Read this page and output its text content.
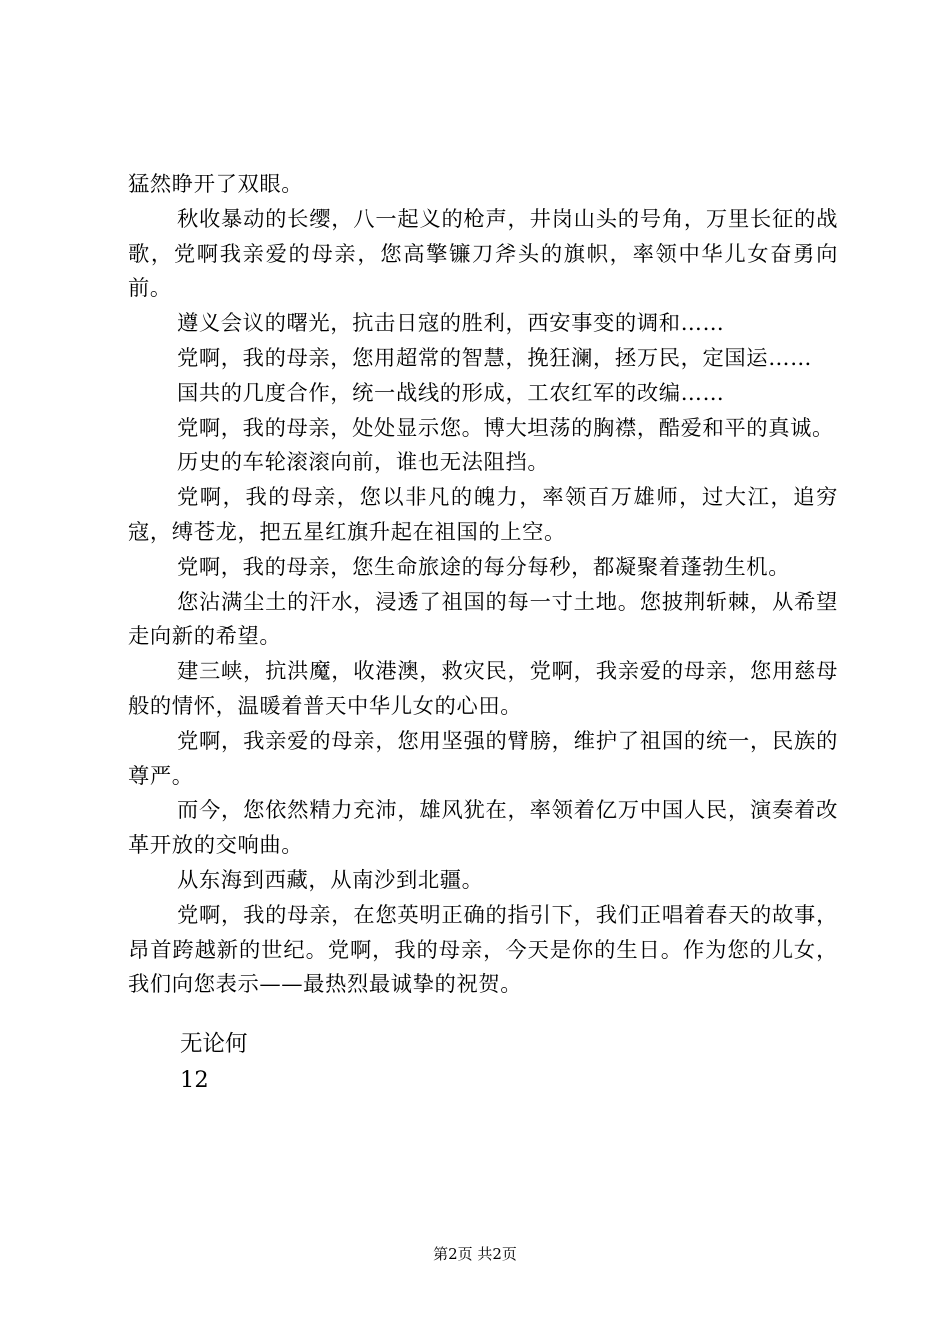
猛然睁开了双眼。

秋收暴动的长缨，八一起义的枪声，井岗山头的号角，万里长征的战歌，党啊我亲爱的母亲，您高擎镰刀斧头的旗帜，率领中华儿女奋勇向前。

遵义会议的曙光，抗击日寇的胜利，西安事变的调和……

党啊，我的母亲，您用超常的智慧，挽狂澜，拯万民，定国运……

国共的几度合作，统一战线的形成，工农红军的改编……

党啊，我的母亲，处处显示您。博大坦荡的胸襟，酷爱和平的真诚。

历史的车轮滚滚向前，谁也无法阻挡。

党啊，我的母亲，您以非凡的魄力，率领百万雄师，过大江，追穷寇，缚苍龙，把五星红旗升起在祖国的上空。

党啊，我的母亲，您生命旅途的每分每秒，都凝聚着蓬勃生机。

您沾满尘土的汗水，浸透了祖国的每一寸土地。您披荆斩棘，从希望走向新的希望。

建三峡，抗洪魔，收港澳，救灾民，党啊，我亲爱的母亲，您用慈母般的情怀，温暖着普天中华儿女的心田。

党啊，我亲爱的母亲，您用坚强的臂膀，维护了祖国的统一，民族的尊严。

而今，您依然精力充沛，雄风犹在，率领着亿万中国人民，演奏着改革开放的交响曲。

从东海到西藏，从南沙到北疆。

党啊，我的母亲，在您英明正确的指引下，我们正唱着春天的故事，昂首跨越新的世纪。党啊，我的母亲，今天是你的生日。作为您的儿女，我们向您表示——最热烈最诚挚的祝贺。

无论何
12
第2页 共2页
